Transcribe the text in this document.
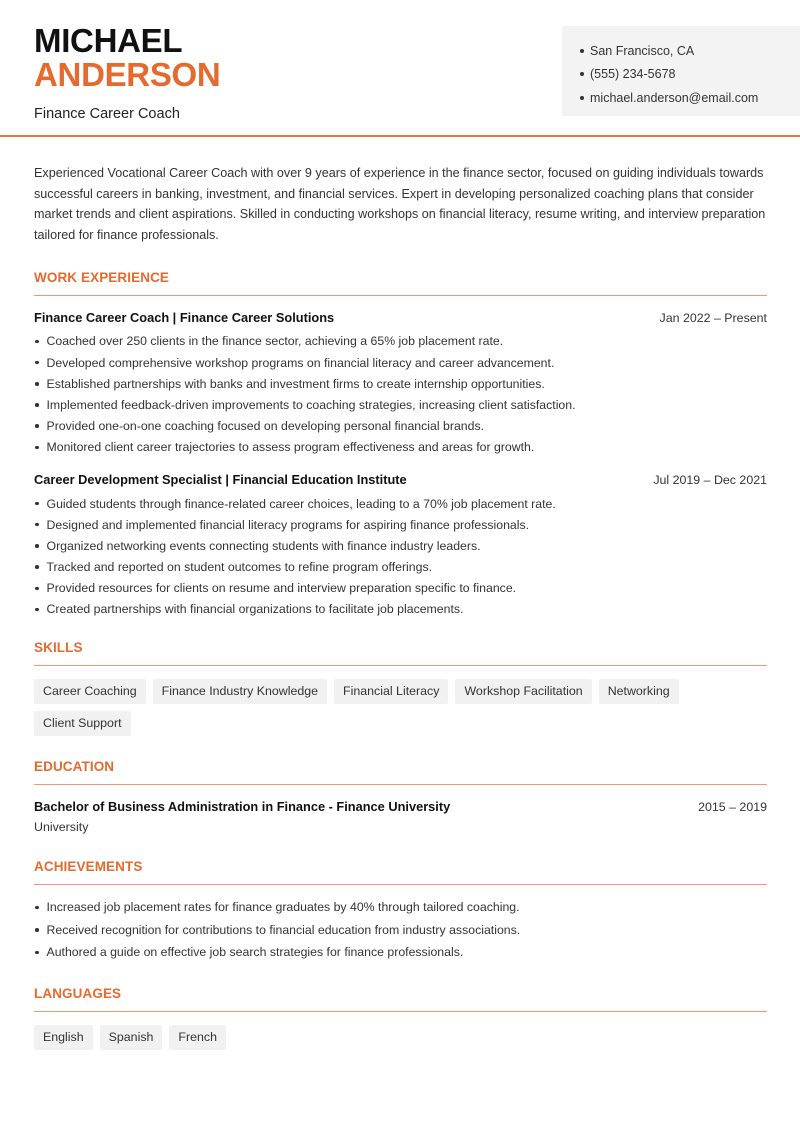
MICHAEL
ANDERSON
Finance Career Coach
San Francisco, CA
(555) 234-5678
michael.anderson@email.com

Experienced Vocational Career Coach with over 9 years of experience in the finance sector, focused on guiding individuals towards successful careers in banking, investment, and financial services. Expert in developing personalized coaching plans that consider market trends and client aspirations. Skilled in conducting workshops on financial literacy, resume writing, and interview preparation tailored for finance professionals.

WORK EXPERIENCE
Finance Career Coach | Finance Career Solutions	Jan 2022 – Present
Coached over 250 clients in the finance sector, achieving a 65% job placement rate.
Developed comprehensive workshop programs on financial literacy and career advancement.
Established partnerships with banks and investment firms to create internship opportunities.
Implemented feedback-driven improvements to coaching strategies, increasing client satisfaction.
Provided one-on-one coaching focused on developing personal financial brands.
Monitored client career trajectories to assess program effectiveness and areas for growth.
Career Development Specialist | Financial Education Institute	Jul 2019 – Dec 2021
Guided students through finance-related career choices, leading to a 70% job placement rate.
Designed and implemented financial literacy programs for aspiring finance professionals.
Organized networking events connecting students with finance industry leaders.
Tracked and reported on student outcomes to refine program offerings.
Provided resources for clients on resume and interview preparation specific to finance.
Created partnerships with financial organizations to facilitate job placements.
SKILLS
Career Coaching	Finance Industry Knowledge	Financial Literacy	Workshop Facilitation	Networking
Client Support
EDUCATION
Bachelor of Business Administration in Finance - Finance University	2015 – 2019
University
ACHIEVEMENTS
Increased job placement rates for finance graduates by 40% through tailored coaching.
Received recognition for contributions to financial education from industry associations.
Authored a guide on effective job search strategies for finance professionals.
LANGUAGES
English	Spanish	French
